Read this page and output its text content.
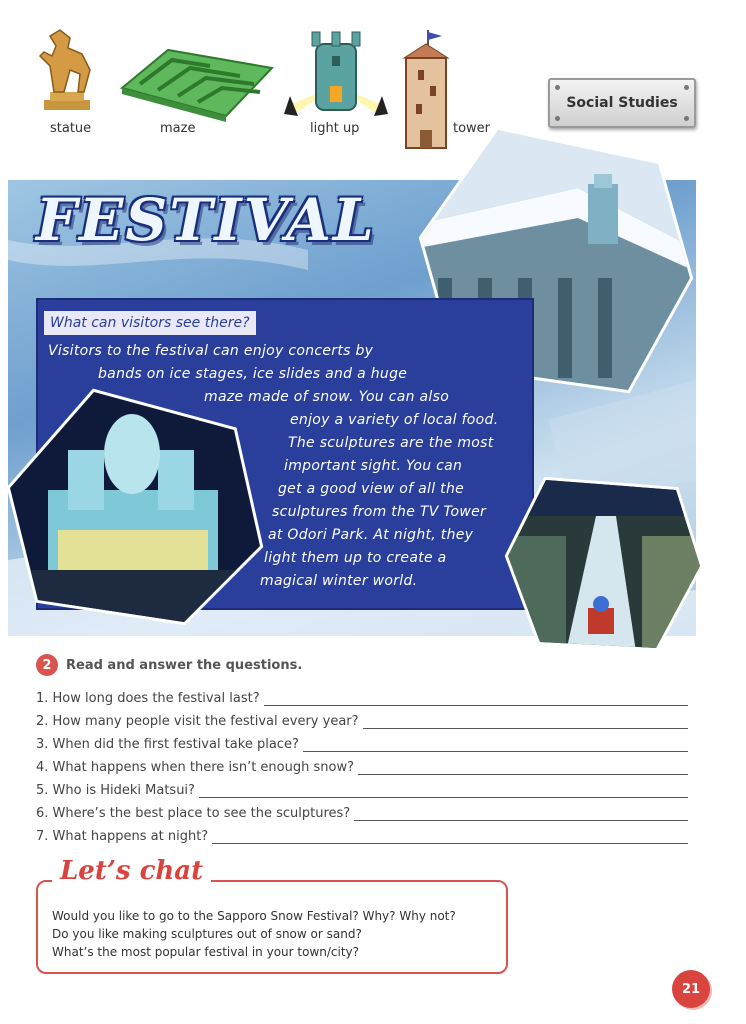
statue	maze	light up	tower
Social Studies
FESTIVAL
What can visitors see there?
Visitors to the festival can enjoy concerts by
bands on ice stages, ice slides and a huge
maze made of snow. You can also
enjoy a variety of local food.
The sculptures are the most
important sight. You can
get a good view of all the
sculptures from the TV Tower
at Odori Park. At night, they
light them up to create a
magical winter world.
2	Read and answer the questions.
1. How long does the festival last?
2. How many people visit the festival every year?
3. When did the first festival take place?
4. What happens when there isn’t enough snow?
5. Who is Hideki Matsui?
6. Where’s the best place to see the sculptures?
7. What happens at night?
Let’s chat
Would you like to go to the Sapporo Snow Festival? Why? Why not?
Do you like making sculptures out of snow or sand?
What’s the most popular festival in your town/city?
21
